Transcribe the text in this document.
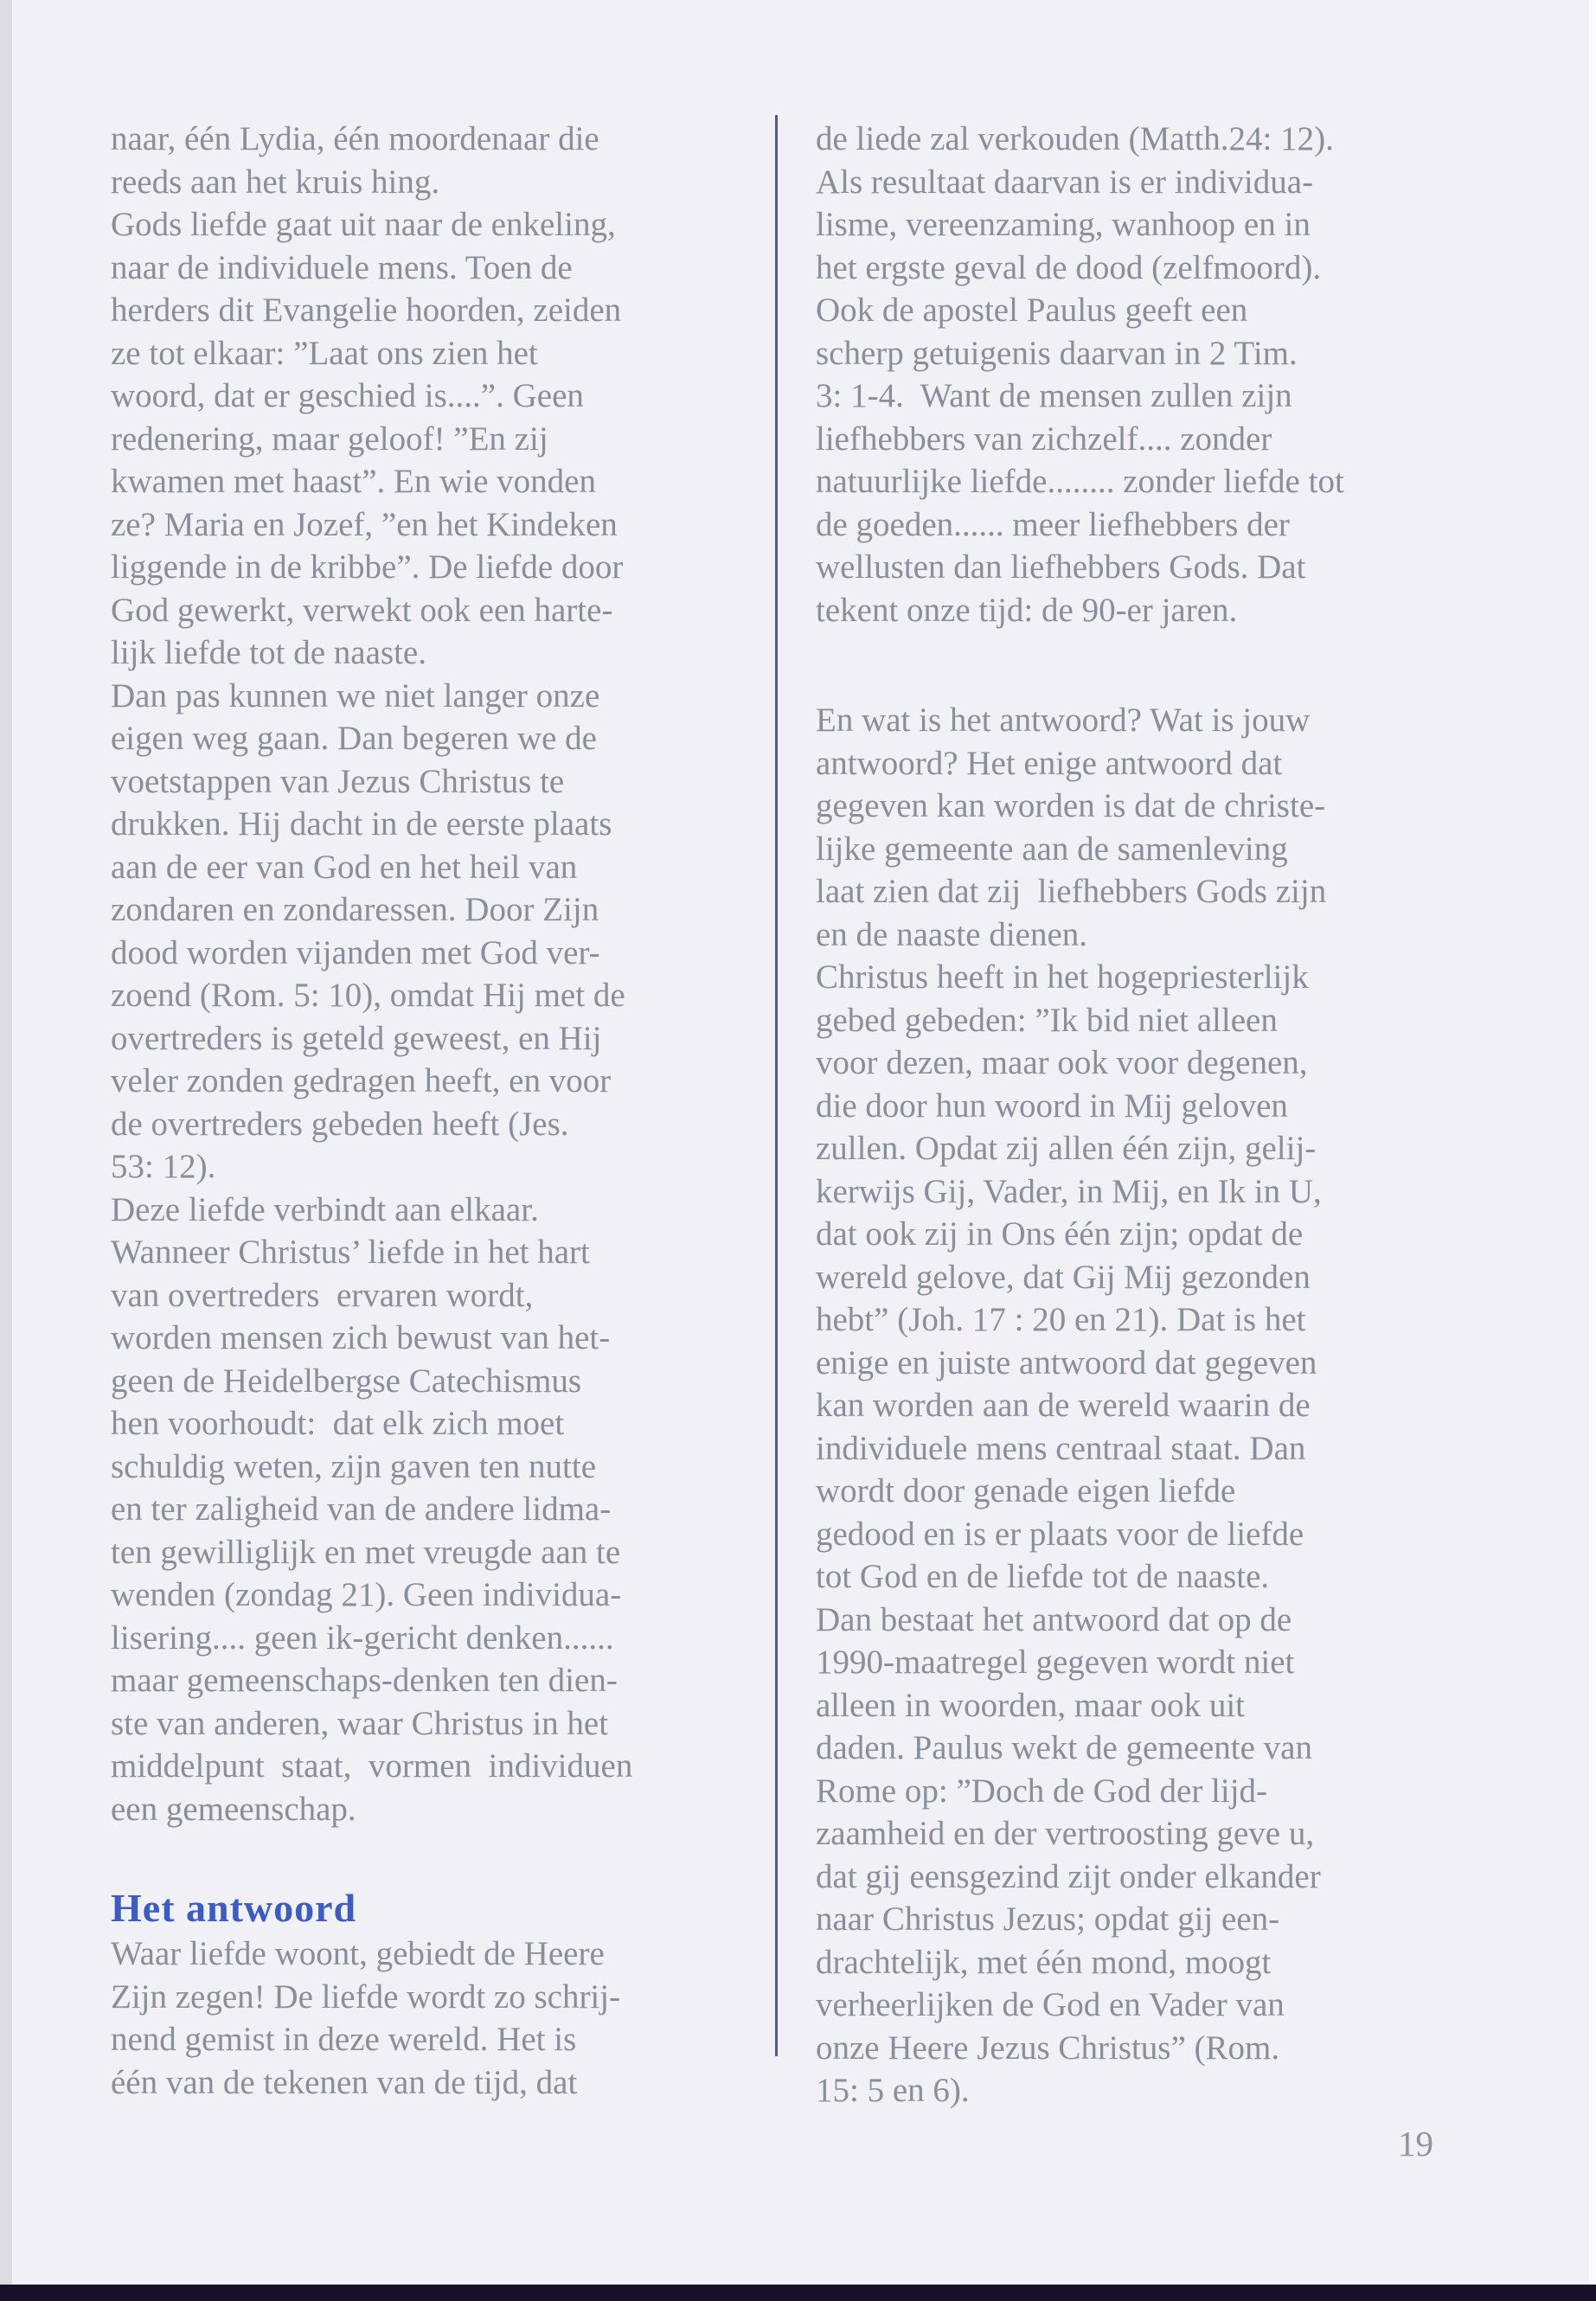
naar, één Lydia, één moordenaar die
reeds aan het kruis hing.
Gods liefde gaat uit naar de enkeling,
naar de individuele mens. Toen de
herders dit Evangelie hoorden, zeiden
ze tot elkaar: ”Laat ons zien het
woord, dat er geschied is....”. Geen
redenering, maar geloof! ”En zij
kwamen met haast”. En wie vonden
ze? Maria en Jozef, ”en het Kindeken
liggende in de kribbe”. De liefde door
God gewerkt, verwekt ook een harte-
lijk liefde tot de naaste.
Dan pas kunnen we niet langer onze
eigen weg gaan. Dan begeren we de
voetstappen van Jezus Christus te
drukken. Hij dacht in de eerste plaats
aan de eer van God en het heil van
zondaren en zondaressen. Door Zijn
dood worden vijanden met God ver-
zoend (Rom. 5: 10), omdat Hij met de
overtreders is geteld geweest, en Hij
veler zonden gedragen heeft, en voor
de overtreders gebeden heeft (Jes.
53: 12).
Deze liefde verbindt aan elkaar.
Wanneer Christus’ liefde in het hart
van overtreders  ervaren wordt,
worden mensen zich bewust van het-
geen de Heidelbergse Catechismus
hen voorhoudt:  dat elk zich moet
schuldig weten, zijn gaven ten nutte
en ter zaligheid van de andere lidma-
ten gewilliglijk en met vreugde aan te
wenden (zondag 21). Geen individua-
lisering.... geen ik-gericht denken......
maar gemeenschaps-denken ten dien-
ste van anderen, waar Christus in het
middelpunt  staat,  vormen  individuen
een gemeenschap.
Het antwoord
Waar liefde woont, gebiedt de Heere
Zijn zegen! De liefde wordt zo schrij-
nend gemist in deze wereld. Het is
één van de tekenen van de tijd, dat
de liede zal verkouden (Matth.24: 12).
Als resultaat daarvan is er individua-
lisme, vereenzaming, wanhoop en in
het ergste geval de dood (zelfmoord).
Ook de apostel Paulus geeft een
scherp getuigenis daarvan in 2 Tim.
3: 1-4.  Want de mensen zullen zijn
liefhebbers van zichzelf.... zonder
natuurlijke liefde........ zonder liefde tot
de goeden...... meer liefhebbers der
wellusten dan liefhebbers Gods. Dat
tekent onze tijd: de 90-er jaren.
En wat is het antwoord? Wat is jouw
antwoord? Het enige antwoord dat
gegeven kan worden is dat de christe-
lijke gemeente aan de samenleving
laat zien dat zij  liefhebbers Gods zijn
en de naaste dienen.
Christus heeft in het hogepriesterlijk
gebed gebeden: ”Ik bid niet alleen
voor dezen, maar ook voor degenen,
die door hun woord in Mij geloven
zullen. Opdat zij allen één zijn, gelij-
kerwijs Gij, Vader, in Mij, en Ik in U,
dat ook zij in Ons één zijn; opdat de
wereld gelove, dat Gij Mij gezonden
hebt” (Joh. 17 : 20 en 21). Dat is het
enige en juiste antwoord dat gegeven
kan worden aan de wereld waarin de
individuele mens centraal staat. Dan
wordt door genade eigen liefde
gedood en is er plaats voor de liefde
tot God en de liefde tot de naaste.
Dan bestaat het antwoord dat op de
1990-maatregel gegeven wordt niet
alleen in woorden, maar ook uit
daden. Paulus wekt de gemeente van
Rome op: ”Doch de God der lijd-
zaamheid en der vertroosting geve u,
dat gij eensgezind zijt onder elkander
naar Christus Jezus; opdat gij een-
drachtelijk, met één mond, moogt
verheerlijken de God en Vader van
onze Heere Jezus Christus” (Rom.
15: 5 en 6).
19
